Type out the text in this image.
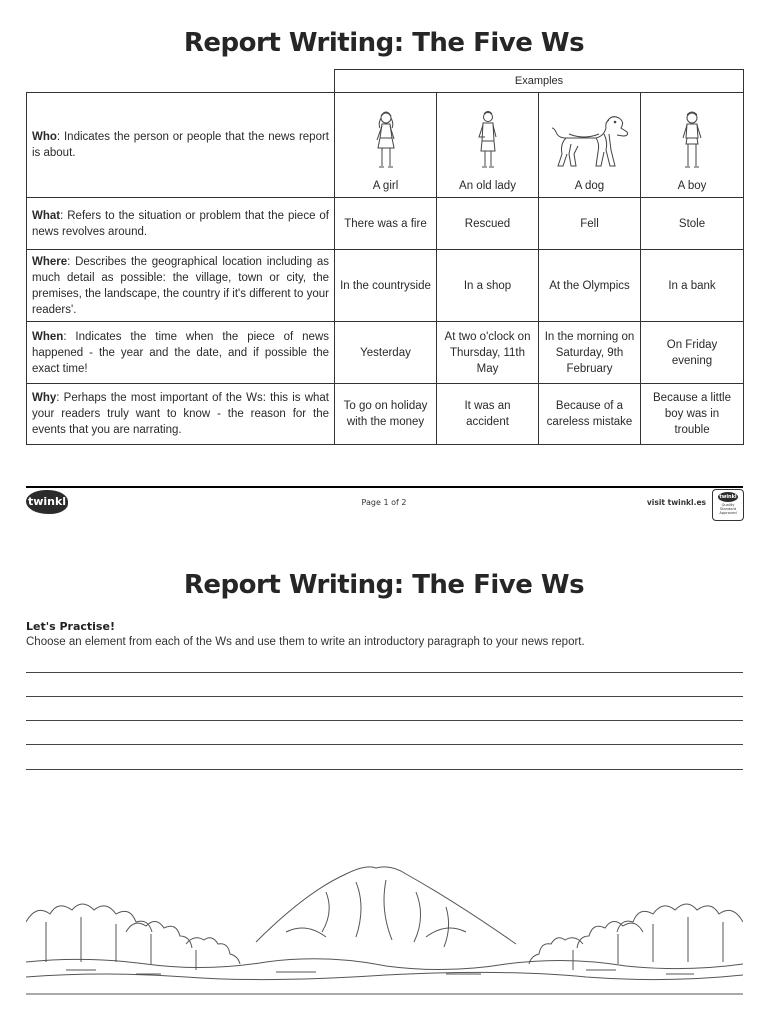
Report Writing: The Five Ws
	Examples			
Who: Indicates the person or people that the news report is about.	A girl	An old lady	A dog	A boy

What: Refers to the situation or problem that the piece of news revolves around.	There was a fire	Rescued	Fell	Stole
Where: Describes the geographical location including as much detail as possible: the village, town or city, the premises, the landscape, the country if it's different to your readers'.	In the countryside	In a shop	At the Olympics	In a bank
When: Indicates the time when the piece of news happened - the year and the date, and if possible the exact time!	Yesterday	At two o'clock on Thursday, 11th May	In the morning on Saturday, 9th February	On Friday evening
Why: Perhaps the most important of the Ws: this is what your readers truly want to know - the reason for the events that you are narrating.	To go on holiday with the money	It was an accident	Because of a careless mistake	Because a little boy was in trouble
twinkl	Page 1 of 2	visit twinkl.es
twinkl
Quality Standard Approved
Report Writing: The Five Ws
Let's Practise!
Choose an element from each of the Ws and use them to write an introductory paragraph to your news report.
